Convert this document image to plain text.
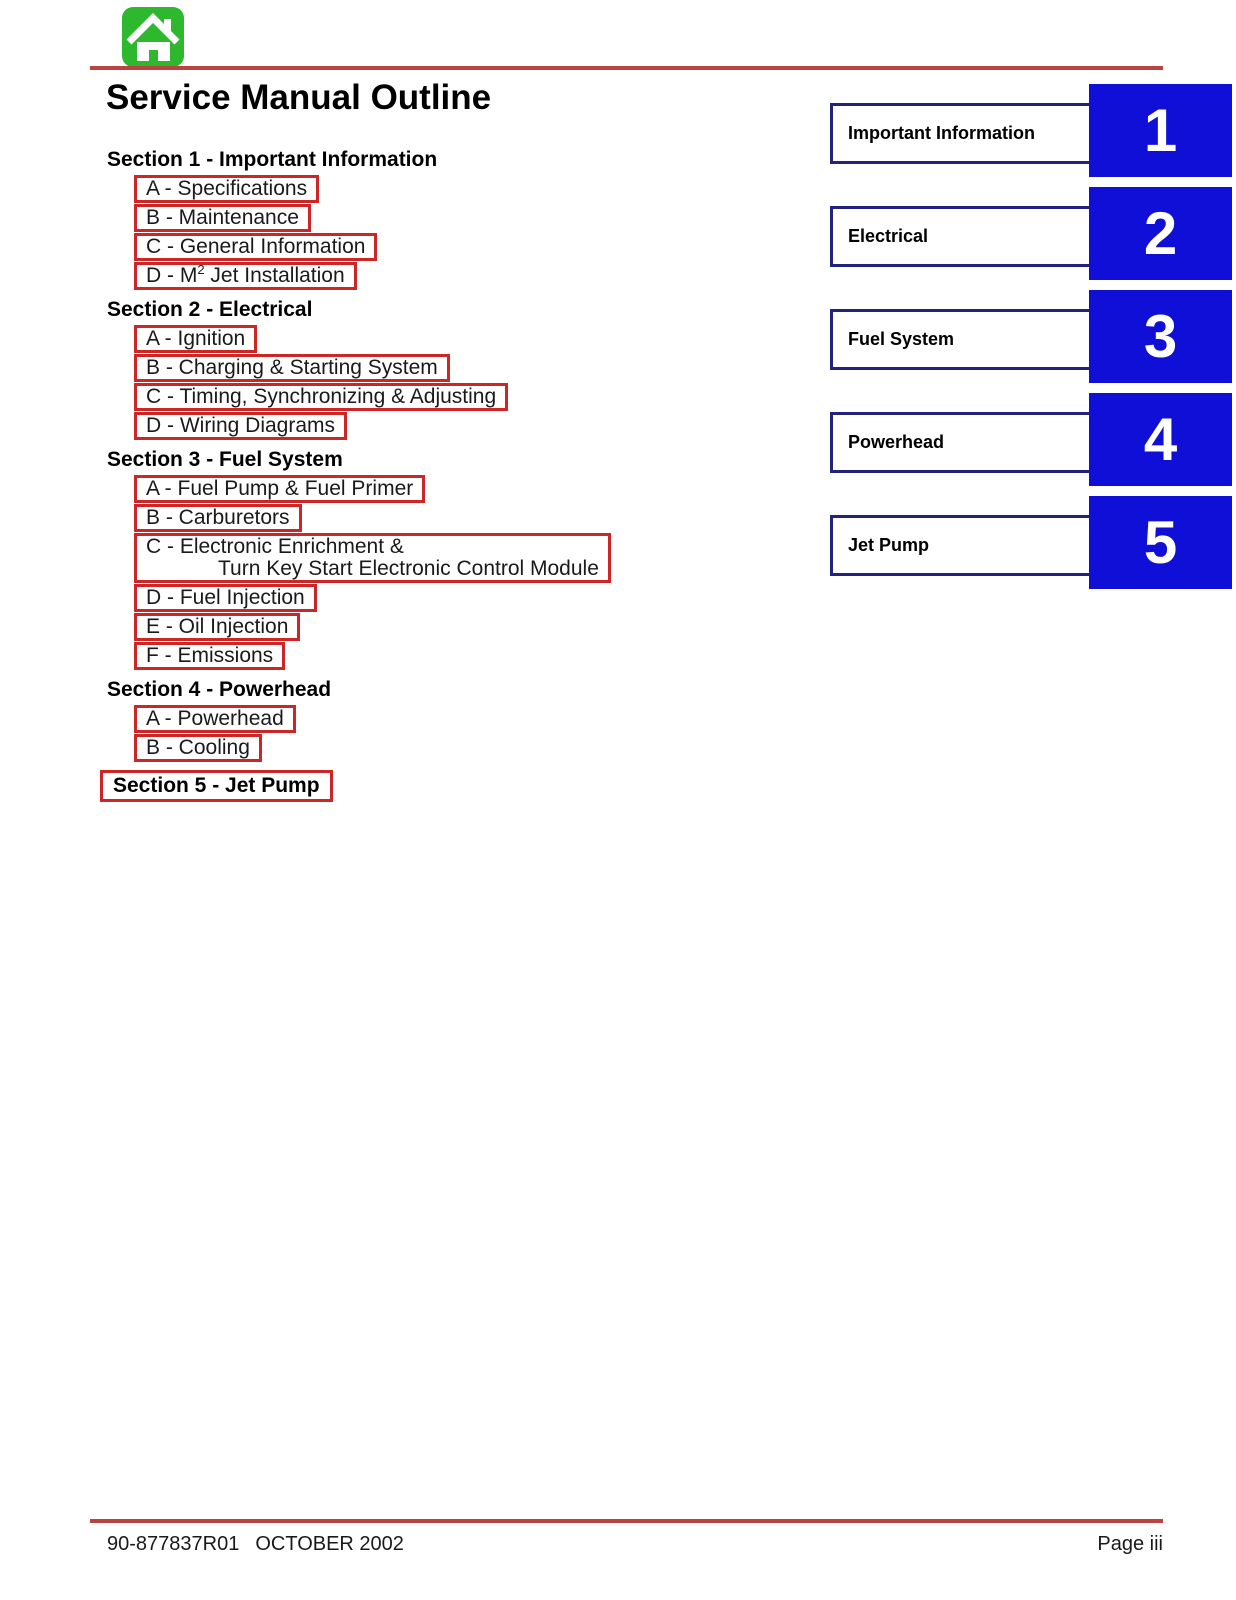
Service Manual Outline
Section 1 - Important Information
A - Specifications
B - Maintenance
C - General Information
D - $M^2$ Jet Installation
Section 2 - Electrical
A - Ignition
B - Charging & Starting System
C - Timing, Synchronizing & Adjusting
D - Wiring Diagrams
Section 3 - Fuel System
A - Fuel Pump & Fuel Primer
B - Carburetors
C - Electronic Enrichment &
Turn Key Start Electronic Control Module
D - Fuel Injection
E - Oil Injection
F - Emissions
Section 4 - Powerhead
A - Powerhead
B - Cooling
Section 5 - Jet Pump
Important Information	1
Electrical	2
Fuel System	3
Powerhead	4
Jet Pump	5
90-877837R01 OCTOBER 2002	Page iii
